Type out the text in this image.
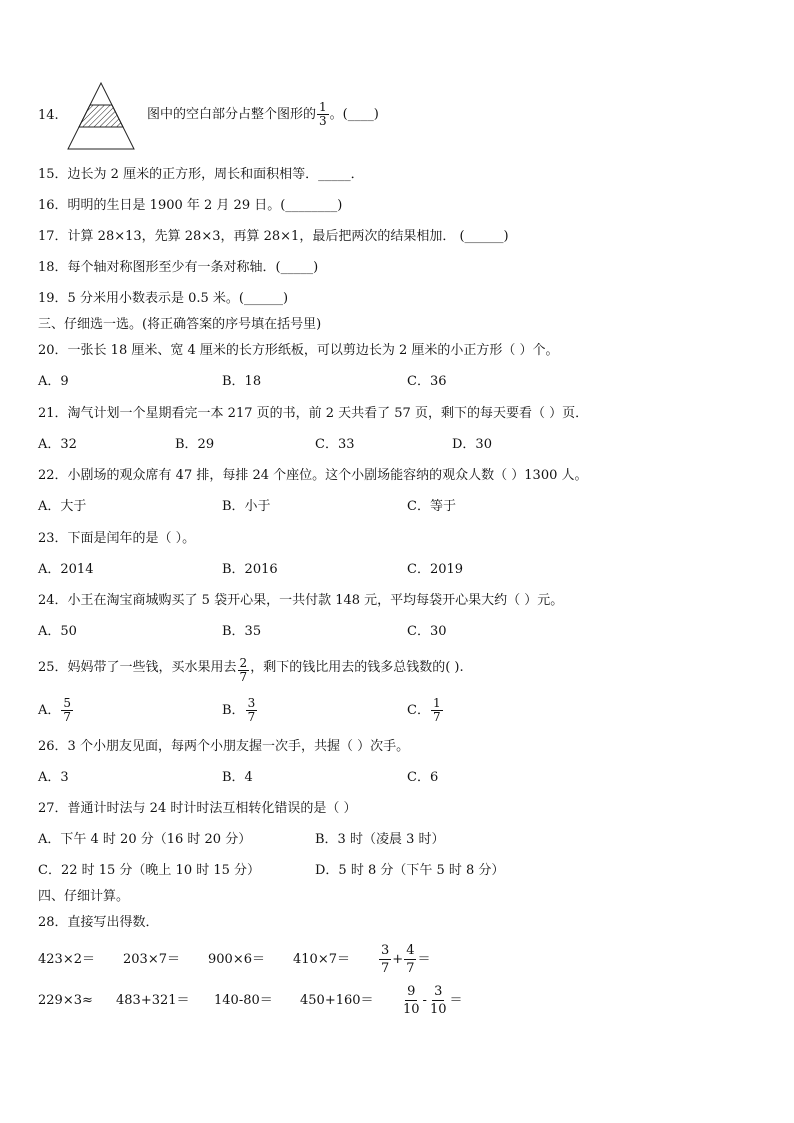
14.	图中的空白部分占整个图形的 $\frac{1}{3}$ 。(____)
15．边长为 2 厘米的正方形，周长和面积相等．_____．
16．明明的生日是 1900 年 2 月 29 日。(________)
17．计算 28×13，先算 28×3，再算 28×1，最后把两次的结果相加． (______)
18．每个轴对称图形至少有一条对称轴．(_____)
19．5 分米用小数表示是 0.5 米。(______)
三、仔细选一选。(将正确答案的序号填在括号里)
20．一张长 18 厘米、宽 4 厘米的长方形纸板，可以剪边长为 2 厘米的小正方形（ ）个。
A．9	B．18	C．36
21．淘气计划一个星期看完一本 217 页的书，前 2 天共看了 57 页，剩下的每天要看（ ）页．
A．32	B．29	C．33	D．30
22．小剧场的观众席有 47 排，每排 24 个座位。这个小剧场能容纳的观众人数（ ）1300 人。
A．大于	B．小于	C．等于
23．下面是闰年的是（ ）。
A．2014	B．2016	C．2019
24．小王在淘宝商城购买了 5 袋开心果，一共付款 148 元，平均每袋开心果大约（ ）元。
A．50	B．35	C．30
25．妈妈带了一些钱，买水果用去 $\frac{2}{7}$ ，剩下的钱比用去的钱多总钱数的( ).
A． $\frac{5}{7}$	B． $\frac{3}{7}$	C． $\frac{1}{7}$
26．3 个小朋友见面，每两个小朋友握一次手，共握（ ）次手。
A．3	B．4	C．6
27．普通计时法与 24 时计时法互相转化错误的是（ ）
A．下午 4 时 20 分（16 时 20 分）	B．3 时（凌晨 3 时）
C．22 时 15 分（晚上 10 时 15 分）	D．5 时 8 分（下午 5 时 8 分）
四、仔细计算。
28．直接写出得数．
$423\times 2= 203\times 7= 900\times 6= 410\times 7= \frac{3}{7} + \frac{4}{7}$ ＝
$229\times 3\approx 483+321= 140-80= 450+160= \frac{9}{10} - \frac{3}{10}$ ＝
